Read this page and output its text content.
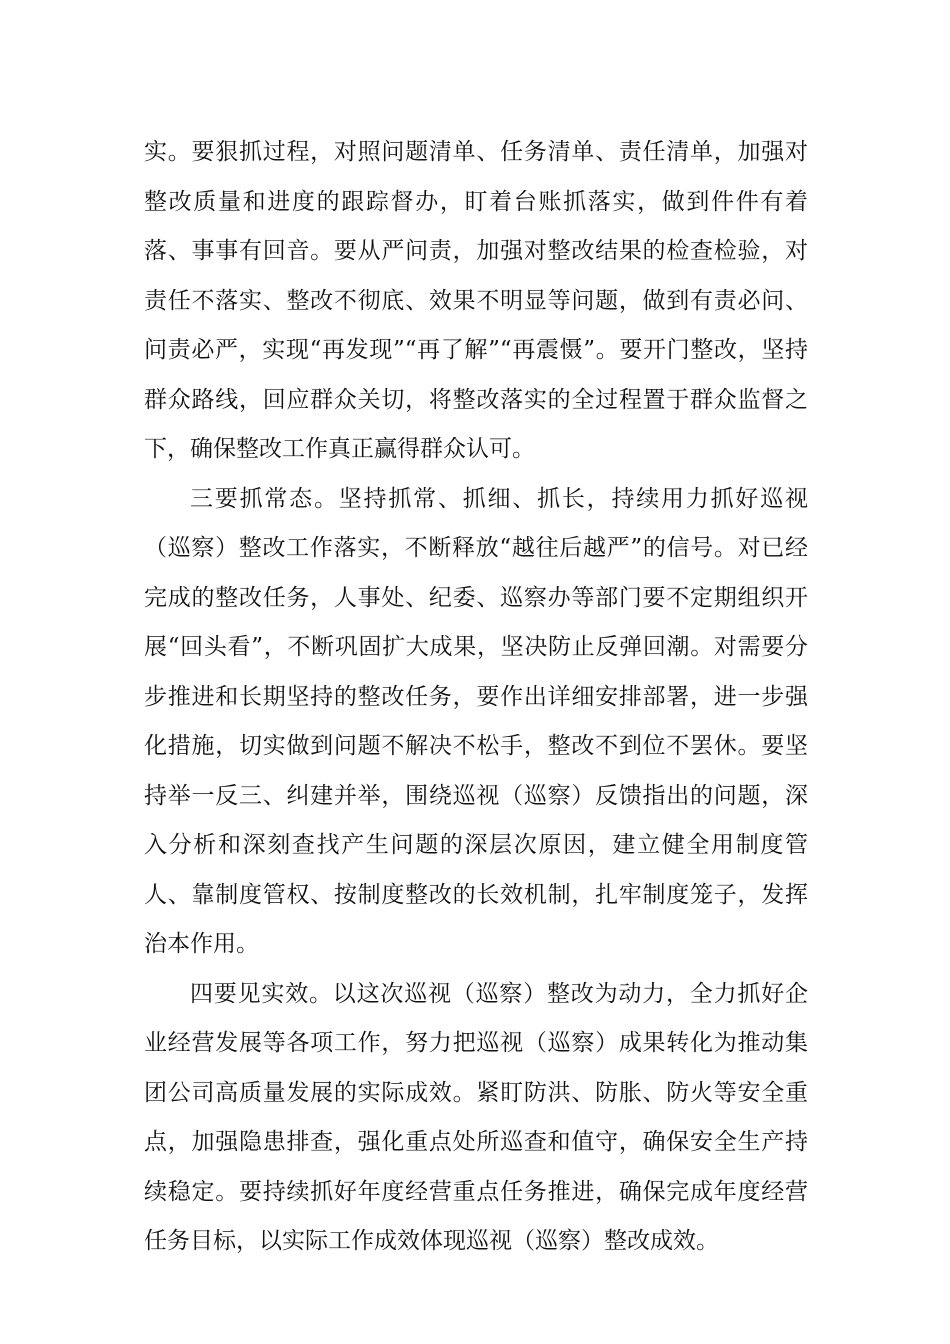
实。要狠抓过程，对照问题清单、任务清单、责任清单，加强对整改质量和进度的跟踪督办，盯着台账抓落实，做到件件有着落、事事有回音。要从严问责，加强对整改结果的检查检验，对责任不落实、整改不彻底、效果不明显等问题，做到有责必问、问责必严，实现“再发现”“再了解”“再震慑”。要开门整改，坚持群众路线，回应群众关切，将整改落实的全过程置于群众监督之下，确保整改工作真正赢得群众认可。

三要抓常态。坚持抓常、抓细、抓长，持续用力抓好巡视（巡察）整改工作落实，不断释放“越往后越严”的信号。对已经完成的整改任务，人事处、纪委、巡察办等部门要不定期组织开展“回头看”，不断巩固扩大成果，坚决防止反弹回潮。对需要分步推进和长期坚持的整改任务，要作出详细安排部署，进一步强化措施，切实做到问题不解决不松手，整改不到位不罢休。要坚持举一反三、纠建并举，围绕巡视（巡察）反馈指出的问题，深入分析和深刻查找产生问题的深层次原因，建立健全用制度管人、靠制度管权、按制度整改的长效机制，扎牢制度笼子，发挥治本作用。

四要见实效。以这次巡视（巡察）整改为动力，全力抓好企业经营发展等各项工作，努力把巡视（巡察）成果转化为推动集团公司高质量发展的实际成效。紧盯防洪、防胀、防火等安全重点，加强隐患排查，强化重点处所巡查和值守，确保安全生产持续稳定。要持续抓好年度经营重点任务推进，确保完成年度经营任务目标，以实际工作成效体现巡视（巡察）整改成效。
